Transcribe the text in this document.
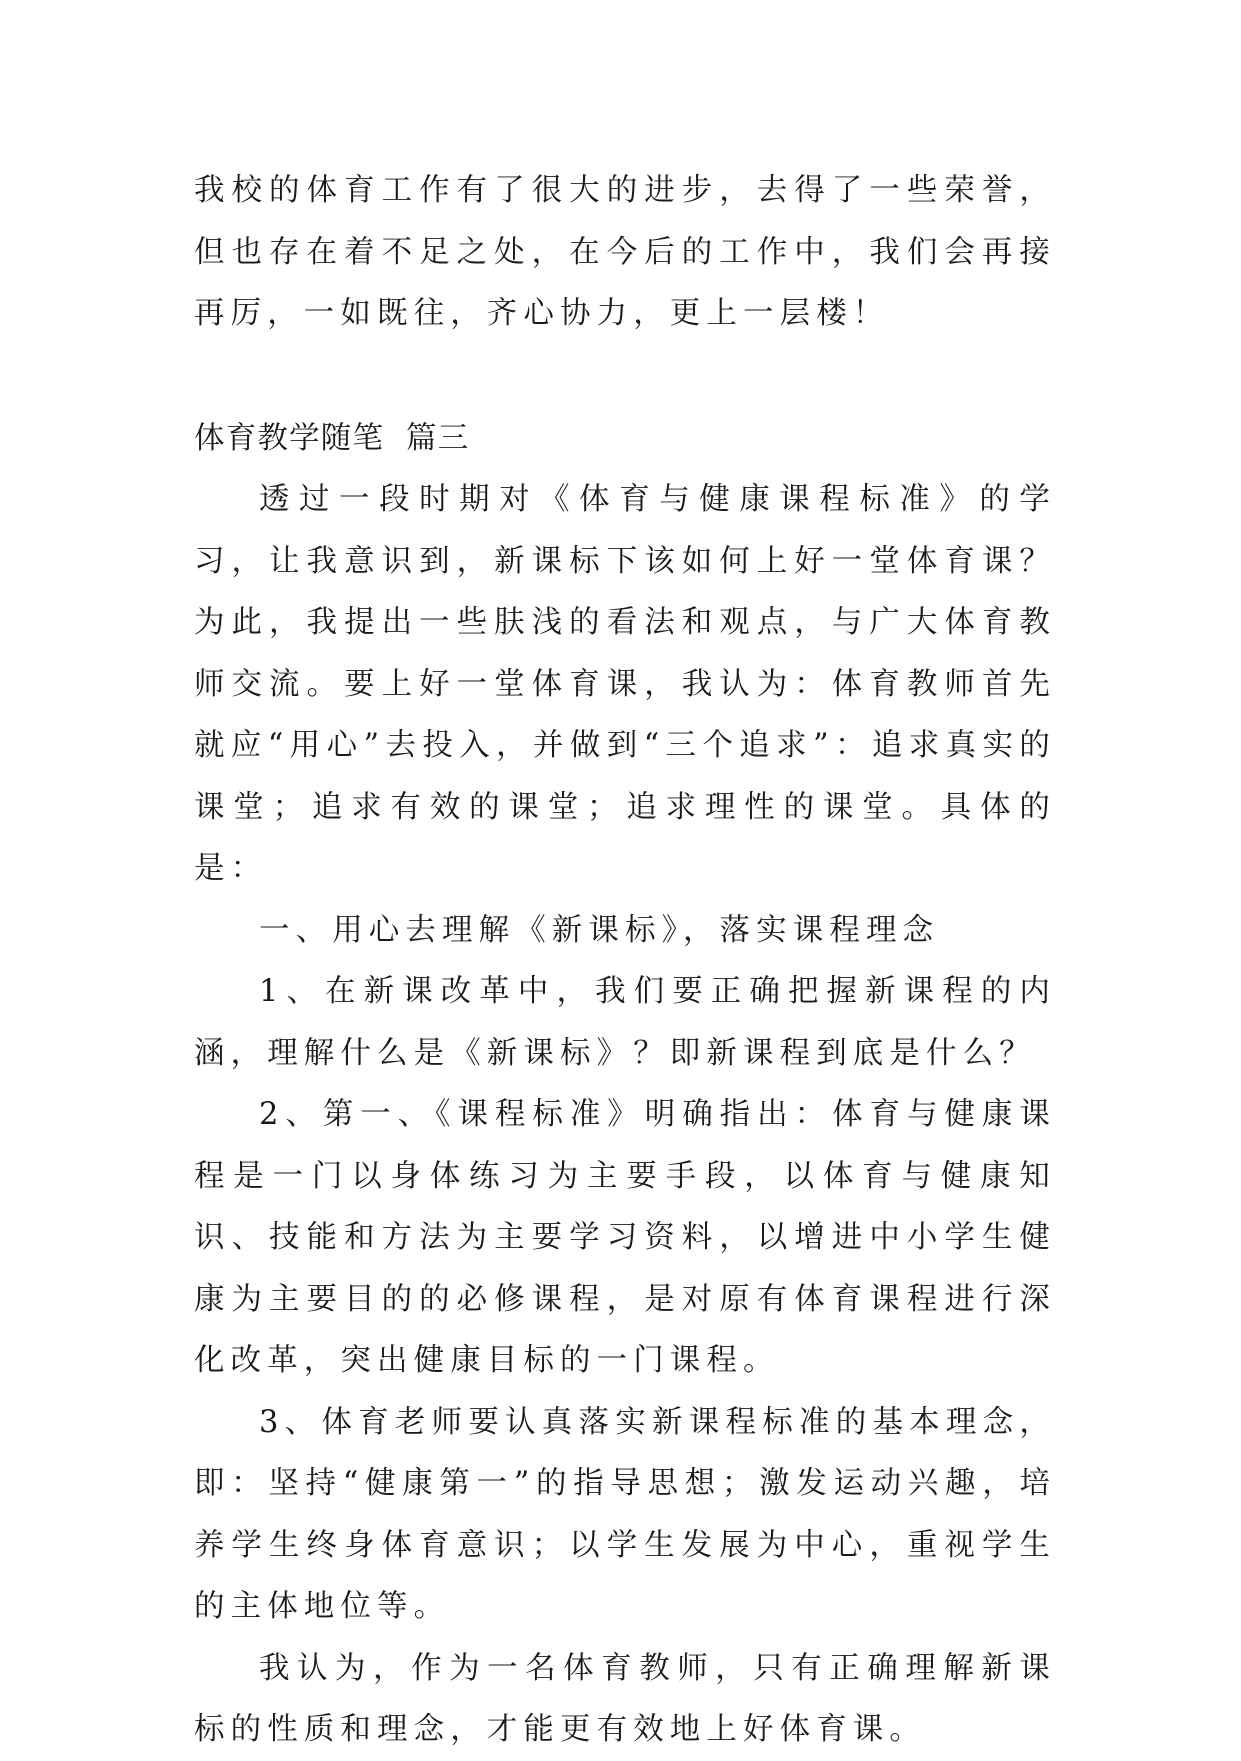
我校的体育工作有了很大的进步，去得了一些荣誉，但也存在着不足之处，在今后的工作中，我们会再接再厉，一如既往，齐心协力，更上一层楼！

体育教学随笔  篇三

透过一段时期对《体育与健康课程标准》的学习，让我意识到，新课标下该如何上好一堂体育课？为此，我提出一些肤浅的看法和观点，与广大体育教师交流。要上好一堂体育课，我认为：体育教师首先就应“用心”去投入，并做到“三个追求”：追求真实的课堂；追求有效的课堂；追求理性的课堂。具体的是：

一、用心去理解《新课标》，落实课程理念

1、在新课改革中，我们要正确把握新课程的内涵，理解什么是《新课标》？即新课程到底是什么？

2、第一、《课程标准》明确指出：体育与健康课程是一门以身体练习为主要手段，以体育与健康知识、技能和方法为主要学习资料，以增进中小学生健康为主要目的的必修课程，是对原有体育课程进行深化改革，突出健康目标的一门课程。

3、体育老师要认真落实新课程标准的基本理念，即：坚持“健康第一”的指导思想；激发运动兴趣，培养学生终身体育意识；以学生发展为中心，重视学生的主体地位等。

我认为，作为一名体育教师，只有正确理解新课标的性质和理念，才能更有效地上好体育课。
